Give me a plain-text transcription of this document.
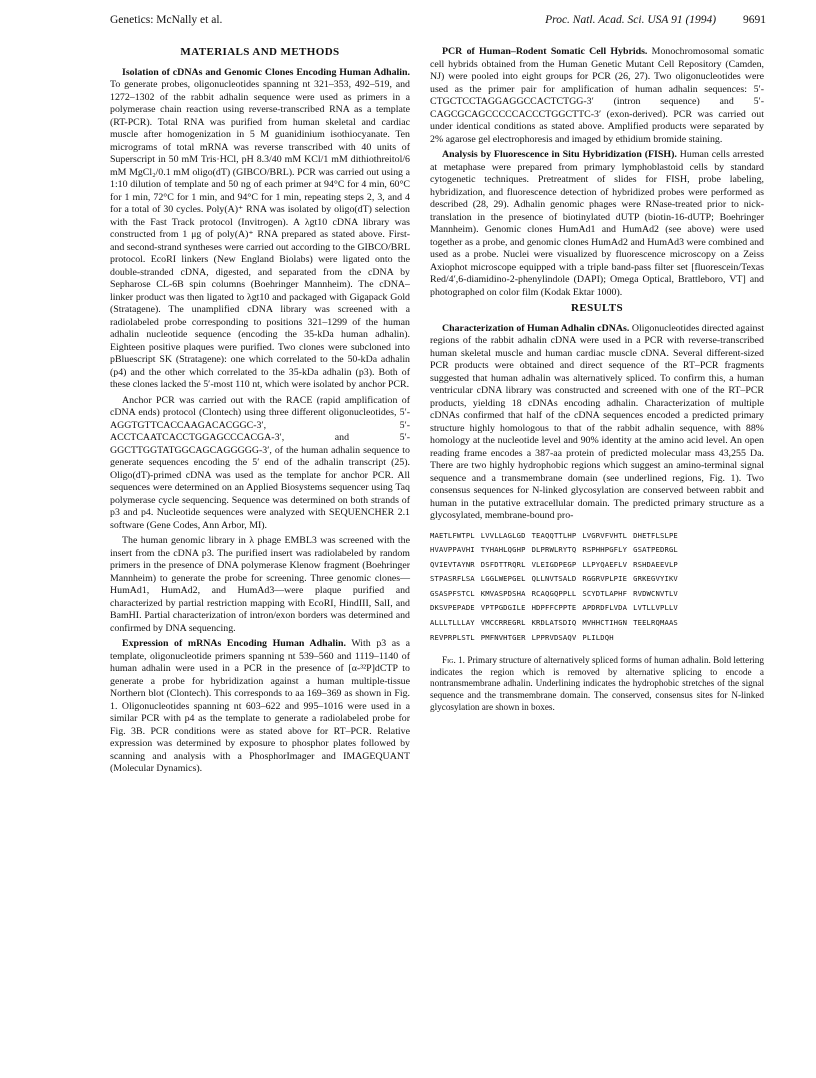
Genetics: McNally et al.	Proc. Natl. Acad. Sci. USA 91 (1994) 9691
MATERIALS AND METHODS

Isolation of cDNAs and Genomic Clones Encoding Human Adhalin. To generate probes, oligonucleotides spanning nt 321–353, 492–519, and 1272–1302 of the rabbit adhalin sequence were used as primers in a polymerase chain reaction using reverse-transcribed RNA as a template (RT-PCR). Total RNA was purified from human skeletal and cardiac muscle after homogenization in 5 M guanidinium isothiocyanate. Ten micrograms of total mRNA was reverse transcribed with 40 units of Superscript in 50 mM Tris·HCl, pH 8.3/40 mM KCl/1 mM dithiothreitol/6 mM MgCl₂/0.1 mM oligo(dT) (GIBCO/BRL). PCR was carried out using a 1:10 dilution of template and 50 ng of each primer at 94°C for 4 min, 60°C for 1 min, 72°C for 1 min, and 94°C for 1 min, repeating steps 2, 3, and 4 for a total of 30 cycles. Poly(A)⁺ RNA was isolated by oligo(dT) selection with the Fast Track protocol (Invitrogen). A λgt10 cDNA library was constructed from 1 μg of poly(A)⁺ RNA prepared as stated above. First- and second-strand syntheses were carried out according to the GIBCO/BRL protocol. EcoRI linkers (New England Biolabs) were ligated onto the double-stranded cDNA, digested, and separated from the cDNA by Sepharose CL-6B spin columns (Boehringer Mannheim). The cDNA–linker product was then ligated to λgt10 and packaged with Gigapack Gold (Stratagene). The unamplified cDNA library was screened with a radiolabeled probe corresponding to positions 321–1299 of the human adhalin nucleotide sequence (encoding the 35-kDa human adhalin). Eighteen positive plaques were purified. Two clones were subcloned into pBluescript SK (Stratagene): one which correlated to the 50-kDa adhalin (p4) and the other which correlated to the 35-kDa adhalin (p3). Both of these clones lacked the 5′-most 110 nt, which were isolated by anchor PCR.

Anchor PCR was carried out with the RACE (rapid amplification of cDNA ends) protocol (Clontech) using three different oligonucleotides, 5′-AGGTGTTCACCAAGACACGGC-3′, 5′-ACCTCAATCACCTGGAGCCCACGA-3′, and 5′-GGCTTGGTATGGCAGCAGGGGG-3′, of the human adhalin sequence to generate sequences encoding the 5′ end of the adhalin transcript (25). Oligo(dT)-primed cDNA was used as the template for anchor PCR. All sequences were determined on an Applied Biosystems sequencer using Taq polymerase cycle sequencing. Sequence was determined on both strands of p3 and p4. Nucleotide sequences were analyzed with SEQUENCHER 2.1 software (Gene Codes, Ann Arbor, MI).

The human genomic library in λ phage EMBL3 was screened with the insert from the cDNA p3. The purified insert was radiolabeled by random primers in the presence of DNA polymerase Klenow fragment (Boehringer Mannheim) to generate the probe for screening. Three genomic clones—HumAd1, HumAd2, and HumAd3—were plaque purified and characterized by partial restriction mapping with EcoRI, HindIII, SalI, and BamHI. Partial characterization of intron/exon borders was determined and confirmed by DNA sequencing.

Expression of mRNAs Encoding Human Adhalin. With p3 as a template, oligonucleotide primers spanning nt 539–560 and 1119–1140 of human adhalin were used in a PCR in the presence of [α-³²P]dCTP to generate a probe for hybridization against a human multiple-tissue Northern blot (Clontech). This corresponds to aa 169–369 as shown in Fig. 1. Oligonucleotides spanning nt 603–622 and 995–1016 were used in a similar PCR with p4 as the template to generate a radiolabeled probe for Fig. 3B. PCR conditions were as stated above for RT–PCR. Relative expression was determined by exposure to phosphor plates followed by scanning and analysis with a PhosphorImager and IMAGEQUANT (Molecular Dynamics).

PCR of Human–Rodent Somatic Cell Hybrids. Monochromosomal somatic cell hybrids obtained from the Human Genetic Mutant Cell Repository (Camden, NJ) were pooled into eight groups for PCR (26, 27). Two oligonucleotides were used as the primer pair for amplification of human adhalin sequences: 5′-CTGCTCCTAGGAGGCCACTCTGG-3′ (intron sequence) and 5′-CAGCGCAGCCCCCACCCTGGCTTC-3′ (exon-derived). PCR was carried out under identical conditions as stated above. Amplified products were separated by 2% agarose gel electrophoresis and imaged by ethidium bromide staining.

Analysis by Fluorescence in Situ Hybridization (FISH). Human cells arrested at metaphase were prepared from primary lymphoblastoid cells by standard cytogenetic techniques. Pretreatment of slides for FISH, probe labeling, hybridization, and fluorescence detection of hybridized probes were performed as described (28, 29). Adhalin genomic phages were RNase-treated prior to nick-translation in the presence of biotinylated dUTP (biotin-16-dUTP; Boehringer Mannheim). Genomic clones HumAd1 and HumAd2 (see above) were used together as a probe, and genomic clones HumAd2 and HumAd3 were combined and used as a probe. Nuclei were visualized by fluorescence microscopy on a Zeiss Axiophot microscope equipped with a triple band-pass filter set [fluorescein/Texas Red/4′,6-diamidino-2-phenylindole (DAPI); Omega Optical, Brattleboro, VT] and photographed on color film (Kodak Ektar 1000).

RESULTS

Characterization of Human Adhalin cDNAs. Oligonucleotides directed against regions of the rabbit adhalin cDNA were used in a PCR with reverse-transcribed human skeletal muscle and human cardiac muscle cDNA. Several different-sized PCR products were obtained and direct sequence of the RT–PCR fragments suggested that human adhalin was alternatively spliced. To confirm this, a human ventricular cDNA library was constructed and screened with one of the RT–PCR products, yielding 18 cDNAs encoding adhalin. Characterization of multiple cDNAs confirmed that half of the cDNA sequences encoded a predicted primary structure highly homologous to that of the rabbit adhalin sequence, with 88% homology at the nucleotide level and 90% identity at the amino acid level. An open reading frame encodes a 387-aa protein of predicted molecular mass 43,255 Da. There are two highly hydrophobic regions which suggest an amino-terminal signal sequence and a transmembrane domain (see underlined regions, Fig. 1). Two consensus sequences for N-linked glycosylation are conserved between rabbit and human in the putative extracellular domain. The predicted primary structure as a glycosylated, membrane-bound pro-

MAETLFWTPL LVVLLAGLGD TEAQQTTLHP LVGRVFVHTL DHETFLSLPE
HVAVPPAVHI TYHAHLQGHP DLPRWLRYTQ RSPHHPGFLY GSATPEDRGL
QVIEVTAYNR DSFDTTRQRL VLEIGDPEGP LLPYQAEFLV RSHDAEEVLP
STPASRFLSA LGGLWEPGEL QLLNVTSALD RGGRVPLPIE GRKEGVYIKV
GSASPFSTCL KMVASPDSHA RCAQGQPPLL SCYDTLAPHF RVDWCNVTLV
DKSVPEPADE VPTPGDGILE HDPFFCPPTE APDRDFLVDA LVTLLVPLLV
ALLLTLLLAY VMCCRREGRL KRDLATSDIQ MVHHCTIHGN TEELRQMAAS
REVPRPLSTL PMFNVHTGER LPPRVDSAQV PLILDQH

Fig. 1. Primary structure of alternatively spliced forms of human adhalin. Bold lettering indicates the region which is removed by alternative splicing to encode a nontransmembrane adhalin. Underlining indicates the hydrophobic stretches of the signal sequence and the transmembrane domain. The conserved, consensus sites for N-linked glycosylation are shown in boxes.
